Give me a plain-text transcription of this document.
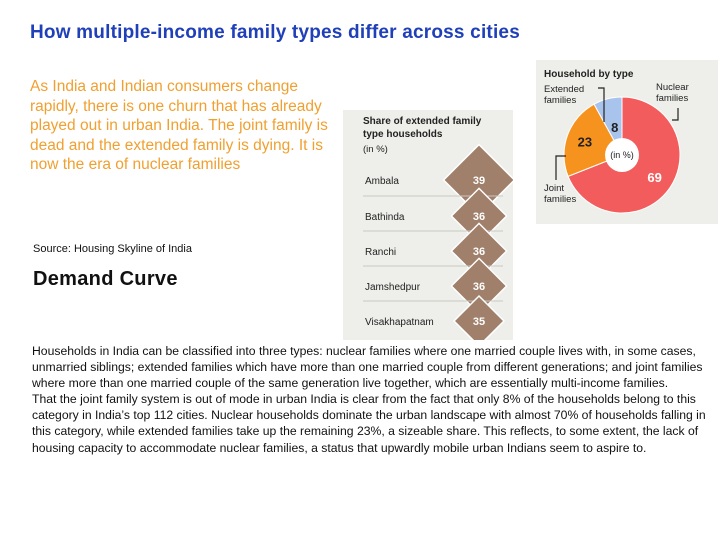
How multiple-income family types differ across cities
As India and Indian consumers change rapidly, there is one churn that has already played out in urban India. The joint family is dead and the extended family is dying. It is now the era of nuclear families
Source: Housing Skyline of India
Demand Curve

Households in India can be classified into three types: nuclear families where one married couple lives with, in some cases, unmarried siblings; extended families which have more than one married couple from different generations; and joint families where more than one married couple of the same generation live together, which are essentially multi-income families.

That the joint family system is out of mode in urban India is clear from the fact that only 8% of the households belong to this category in India’s top 112 cities. Nuclear households dominate the urban landscape with almost 70% of households falling in this category, while extended families take up the remaining 23%, a sizeable share. This reflects, to some extent, the lack of housing capacity to accommodate nuclear families, a status that upwardly mobile urban Indians seem to aspire to.

Share of extended family type households
(in %)
Ambala	39
Bathinda	36
Ranchi	36
Jamshedpur	36
Visakhapatnam	35
Household by type
(in %)
69
23
8
Nuclear families
Extended families
Joint families
